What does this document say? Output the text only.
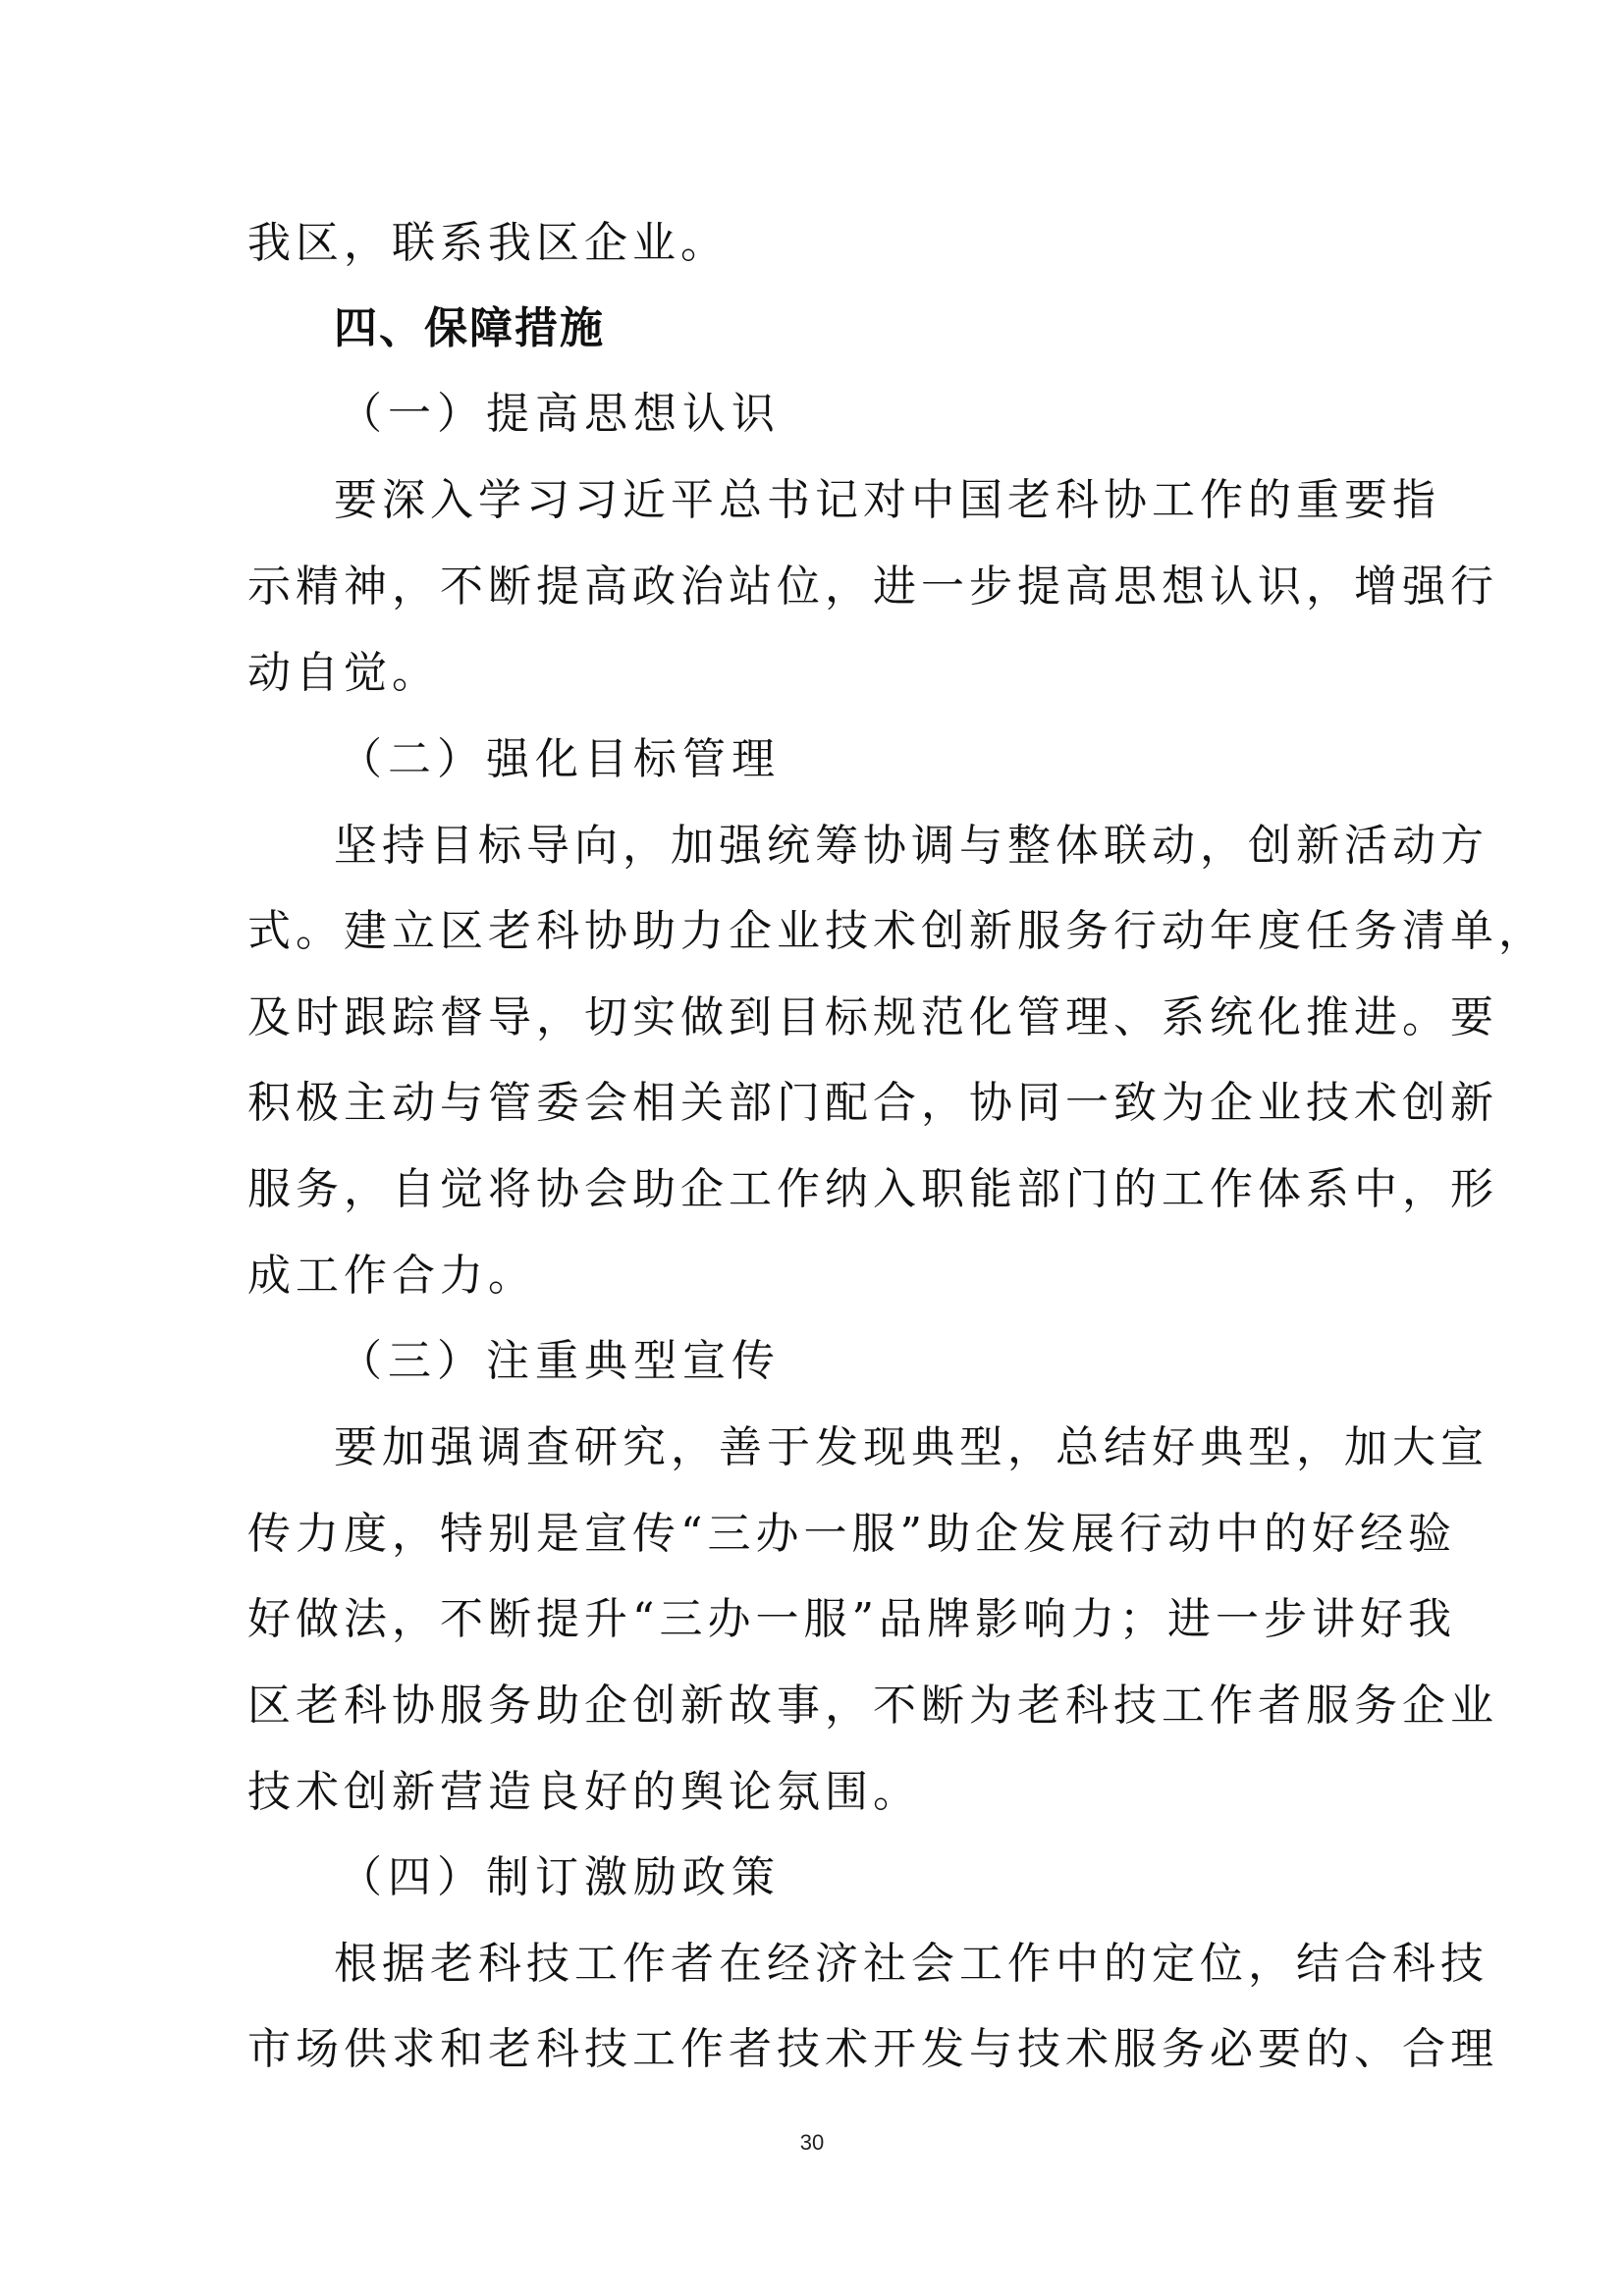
我区，联系我区企业。

四、保障措施

（一）提高思想认识

要深入学习习近平总书记对中国老科协工作的重要指

示精神，不断提高政治站位，进一步提高思想认识，增强行

动自觉。

（二）强化目标管理

坚持目标导向，加强统筹协调与整体联动，创新活动方

式。建立区老科协助力企业技术创新服务行动年度任务清单，

及时跟踪督导，切实做到目标规范化管理、系统化推进。要

积极主动与管委会相关部门配合，协同一致为企业技术创新

服务，自觉将协会助企工作纳入职能部门的工作体系中，形

成工作合力。

（三）注重典型宣传

要加强调查研究，善于发现典型，总结好典型，加大宣

传力度，特别是宣传“三办一服”助企发展行动中的好经验

好做法，不断提升“三办一服”品牌影响力；进一步讲好我

区老科协服务助企创新故事，不断为老科技工作者服务企业

技术创新营造良好的舆论氛围。

（四）制订激励政策

根据老科技工作者在经济社会工作中的定位，结合科技

市场供求和老科技工作者技术开发与技术服务必要的、合理

30
